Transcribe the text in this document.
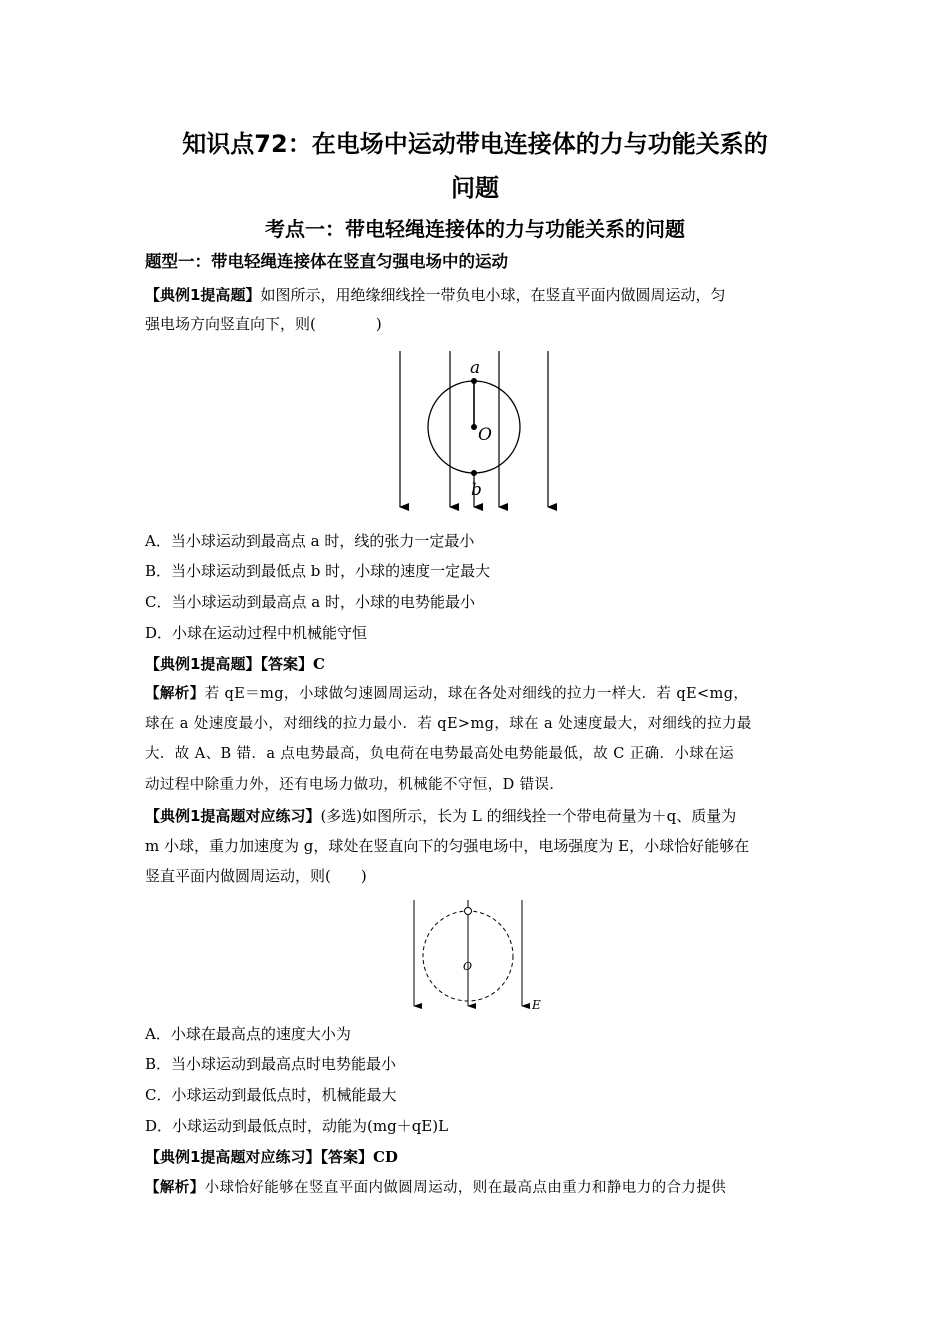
知识点72：在电场中运动带电连接体的力与功能关系的
问题
考点一：带电轻绳连接体的力与功能关系的问题
题型一：带电轻绳连接体在竖直匀强电场中的运动
【典例1提高题】如图所示，用绝缘细线拴一带负电小球，在竖直平面内做圆周运动，匀
强电场方向竖直向下，则(　　　　)
a
O
b
A．当小球运动到最高点 a 时，线的张力一定最小
B．当小球运动到最低点 b 时，小球的速度一定最大
C．当小球运动到最高点 a 时，小球的电势能最小
D．小球在运动过程中机械能守恒
【典例1提高题】【答案】C
【解析】若 qE＝mg，小球做匀速圆周运动，球在各处对细线的拉力一样大．若 qE<mg，
球在 a 处速度最小，对细线的拉力最小．若 qE>mg，球在 a 处速度最大，对细线的拉力最
大．故 A、B 错．a 点电势最高，负电荷在电势最高处电势能最低，故 C 正确．小球在运
动过程中除重力外，还有电场力做功，机械能不守恒，D 错误．
【典例1提高题对应练习】(多选)如图所示，长为 L 的细线拴一个带电荷量为＋q、质量为
m 小球，重力加速度为 g，球处在竖直向下的匀强电场中，电场强度为 E，小球恰好能够在
竖直平面内做圆周运动，则(　　)
O
E
A．小球在最高点的速度大小为
B．当小球运动到最高点时电势能最小
C．小球运动到最低点时，机械能最大
D．小球运动到最低点时，动能为(mg＋qE)L
【典例1提高题对应练习】【答案】CD
【解析】小球恰好能够在竖直平面内做圆周运动，则在最高点由重力和静电力的合力提供
